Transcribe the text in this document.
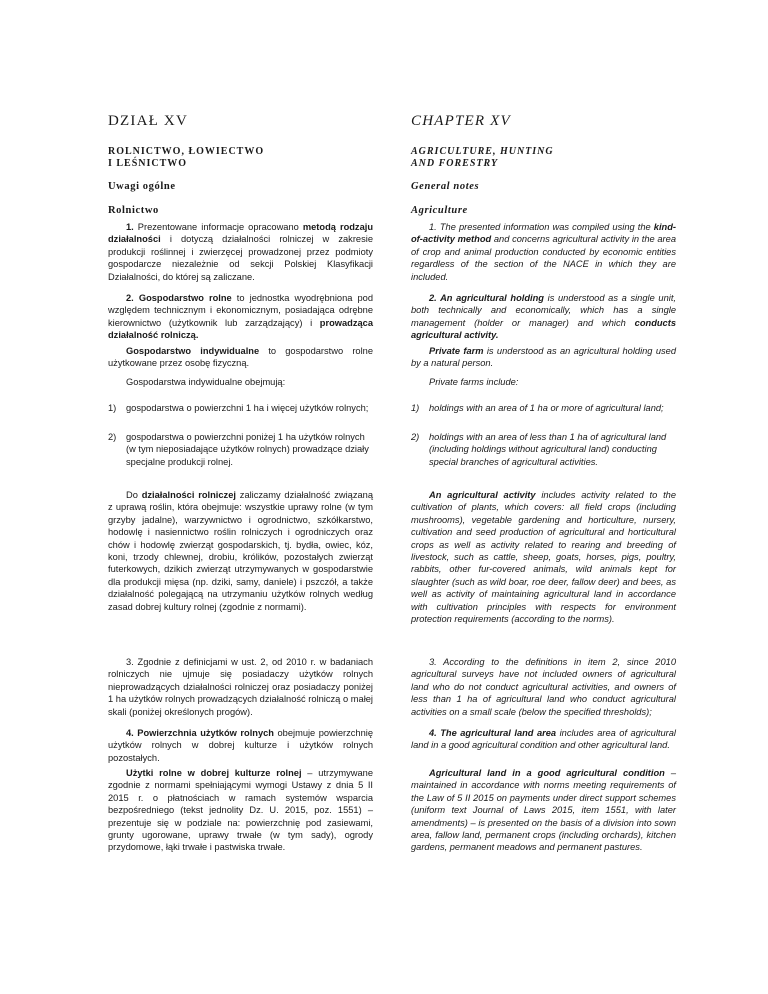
DZIAŁ XV
ROLNICTWO, ŁOWIECTWO
I LEŚNICTWO
Uwagi ogólne
Rolnictwo

1. Prezentowane informacje opracowano metodą rodzaju działalności i dotyczą działalności rolniczej w zakresie produkcji roślinnej i zwierzęcej prowadzonej przez podmioty gospodarcze niezależnie od sekcji Polskiej Klasyfikacji Działalności, do której są zaliczane.

2. Gospodarstwo rolne to jednostka wyodrębniona pod względem technicznym i ekonomicznym, posiadająca odrębne kierownictwo (użytkownik lub zarządzający) i prowadząca działalność rolniczą.

Gospodarstwo indywidualne to gospodarstwo rolne użytkowane przez osobę fizyczną.

Gospodarstwa indywidualne obejmują:

1)	gospodarstwa o powierzchni 1 ha i więcej użytków rolnych;
2)	gospodarstwa o powierzchni poniżej 1 ha użytków rolnych (w tym nieposiadające użytków rolnych) prowadzące działy specjalne produkcji rolnej.

Do działalności rolniczej zaliczamy działalność związaną z uprawą roślin, która obejmuje: wszystkie uprawy rolne (w tym grzyby jadalne), warzywnictwo i ogrodnictwo, szkółkarstwo, hodowlę i nasiennictwo roślin rolniczych i ogrodniczych oraz chów i hodowlę zwierząt gospodarskich, tj. bydła, owiec, kóz, koni, trzody chlewnej, drobiu, królików, pozostałych zwierząt futerkowych, dzikich zwierząt utrzymywanych w gospodarstwie dla produkcji mięsa (np. dziki, samy, daniele) i pszczół, a także działalność polegającą na utrzymaniu użytków rolnych według zasad dobrej kultury rolnej (zgodnie z normami).

3. Zgodnie z definicjami w ust. 2, od 2010 r. w badaniach rolniczych nie ujmuje się posiadaczy użytków rolnych nieprowadzących działalności rolniczej oraz posiadaczy poniżej 1 ha użytków rolnych prowadzących działalność rolniczą o małej skali (poniżej określonych progów).

4. Powierzchnia użytków rolnych obejmuje powierzchnię użytków rolnych w dobrej kulturze i użytków rolnych pozostałych.

Użytki rolne w dobrej kulturze rolnej – utrzymywane zgodnie z normami spełniającymi wymogi Ustawy z dnia 5 II 2015 r. o płatnościach w ramach systemów wsparcia bezpośredniego (tekst jednolity Dz. U. 2015, poz. 1551) – prezentuje się w podziale na: powierzchnię pod zasiewami, grunty ugorowane, uprawy trwałe (w tym sady), ogrody przydomowe, łąki trwałe i pastwiska trwałe.

CHAPTER XV
AGRICULTURE, HUNTING
AND FORESTRY
General notes
Agriculture

1. The presented information was compiled using the kind-of-activity method and concerns agricultural activity in the area of crop and animal production conducted by economic entities regardless of the section of the NACE in which they are included.

2. An agricultural holding is understood as a single unit, both technically and economically, which has a single management (holder or manager) and which conducts agricultural activity.

Private farm is understood as an agricultural holding used by a natural person.

Private farms include:

1)	holdings with an area of 1 ha or more of agricultural land;
2)	holdings with an area of less than 1 ha of agricultural land (including holdings without agricultural land) conducting special branches of agricultural activities.

An agricultural activity includes activity related to the cultivation of plants, which covers: all field crops (including mushrooms), vegetable gardening and horticulture, nursery, cultivation and seed production of agricultural and horticultural crops as well as activity related to rearing and breeding of livestock, such as cattle, sheep, goats, horses, pigs, poultry, rabbits, other fur-covered animals, wild animals kept for slaughter (such as wild boar, roe deer, fallow deer) and bees, as well as activity of maintaining agricultural land in accordance with cultivation principles with respects for environment protection requirements (according to the norms).

3. According to the definitions in item 2, since 2010 agricultural surveys have not included owners of agricultural land who do not conduct agricultural activities, and owners of less than 1 ha of agricultural land who conduct agricultural activities on a small scale (below the specified thresholds);

4. The agricultural land area includes area of agricultural land in a good agricultural condition and other agricultural land.

Agricultural land in a good agricultural condition – maintained in accordance with norms meeting requirements of the Law of 5 II 2015 on payments under direct support schemes (uniform text Journal of Laws 2015, item 1551, with later amendments) – is presented on the basis of a division into sown area, fallow land, permanent crops (including orchards), kitchen gardens, permanent meadows and permanent pastures.
